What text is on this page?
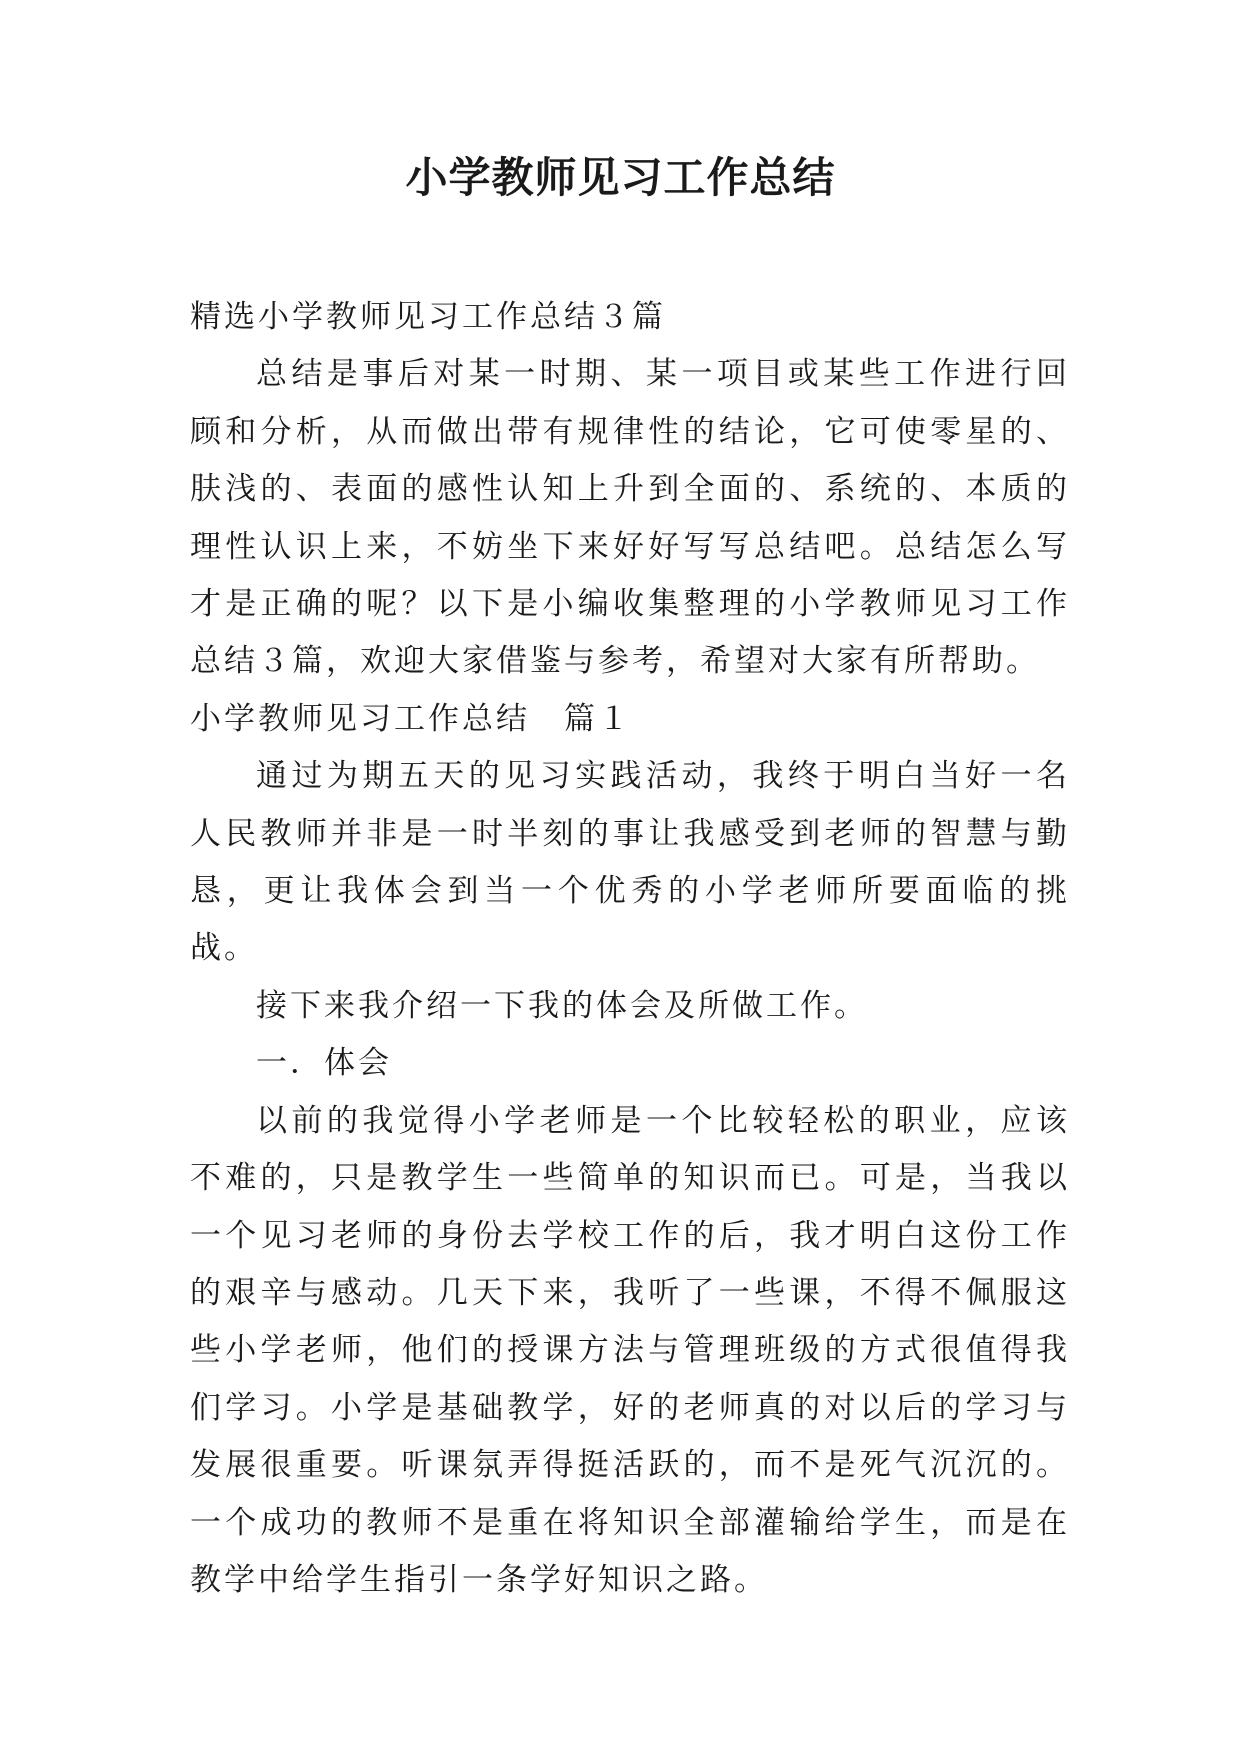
小学教师见习工作总结

精选小学教师见习工作总结３篇

总结是事后对某一时期、某一项目或某些工作进行回顾和分析，从而做出带有规律性的结论，它可使零星的、肤浅的、表面的感性认知上升到全面的、系统的、本质的理性认识上来，不妨坐下来好好写写总结吧。总结怎么写才是正确的呢？以下是小编收集整理的小学教师见习工作总结３篇，欢迎大家借鉴与参考，希望对大家有所帮助。

小学教师见习工作总结　篇１

通过为期五天的见习实践活动，我终于明白当好一名人民教师并非是一时半刻的事让我感受到老师的智慧与勤恳，更让我体会到当一个优秀的小学老师所要面临的挑战。

接下来我介绍一下我的体会及所做工作。

一．体会

以前的我觉得小学老师是一个比较轻松的职业，应该不难的，只是教学生一些简单的知识而已。可是，当我以一个见习老师的身份去学校工作的后，我才明白这份工作的艰辛与感动。几天下来，我听了一些课，不得不佩服这些小学老师，他们的授课方法与管理班级的方式很值得我们学习。小学是基础教学，好的老师真的对以后的学习与发展很重要。听课氛弄得挺活跃的，而不是死气沉沉的。一个成功的教师不是重在将知识全部灌输给学生，而是在教学中给学生指引一条学好知识之路。
